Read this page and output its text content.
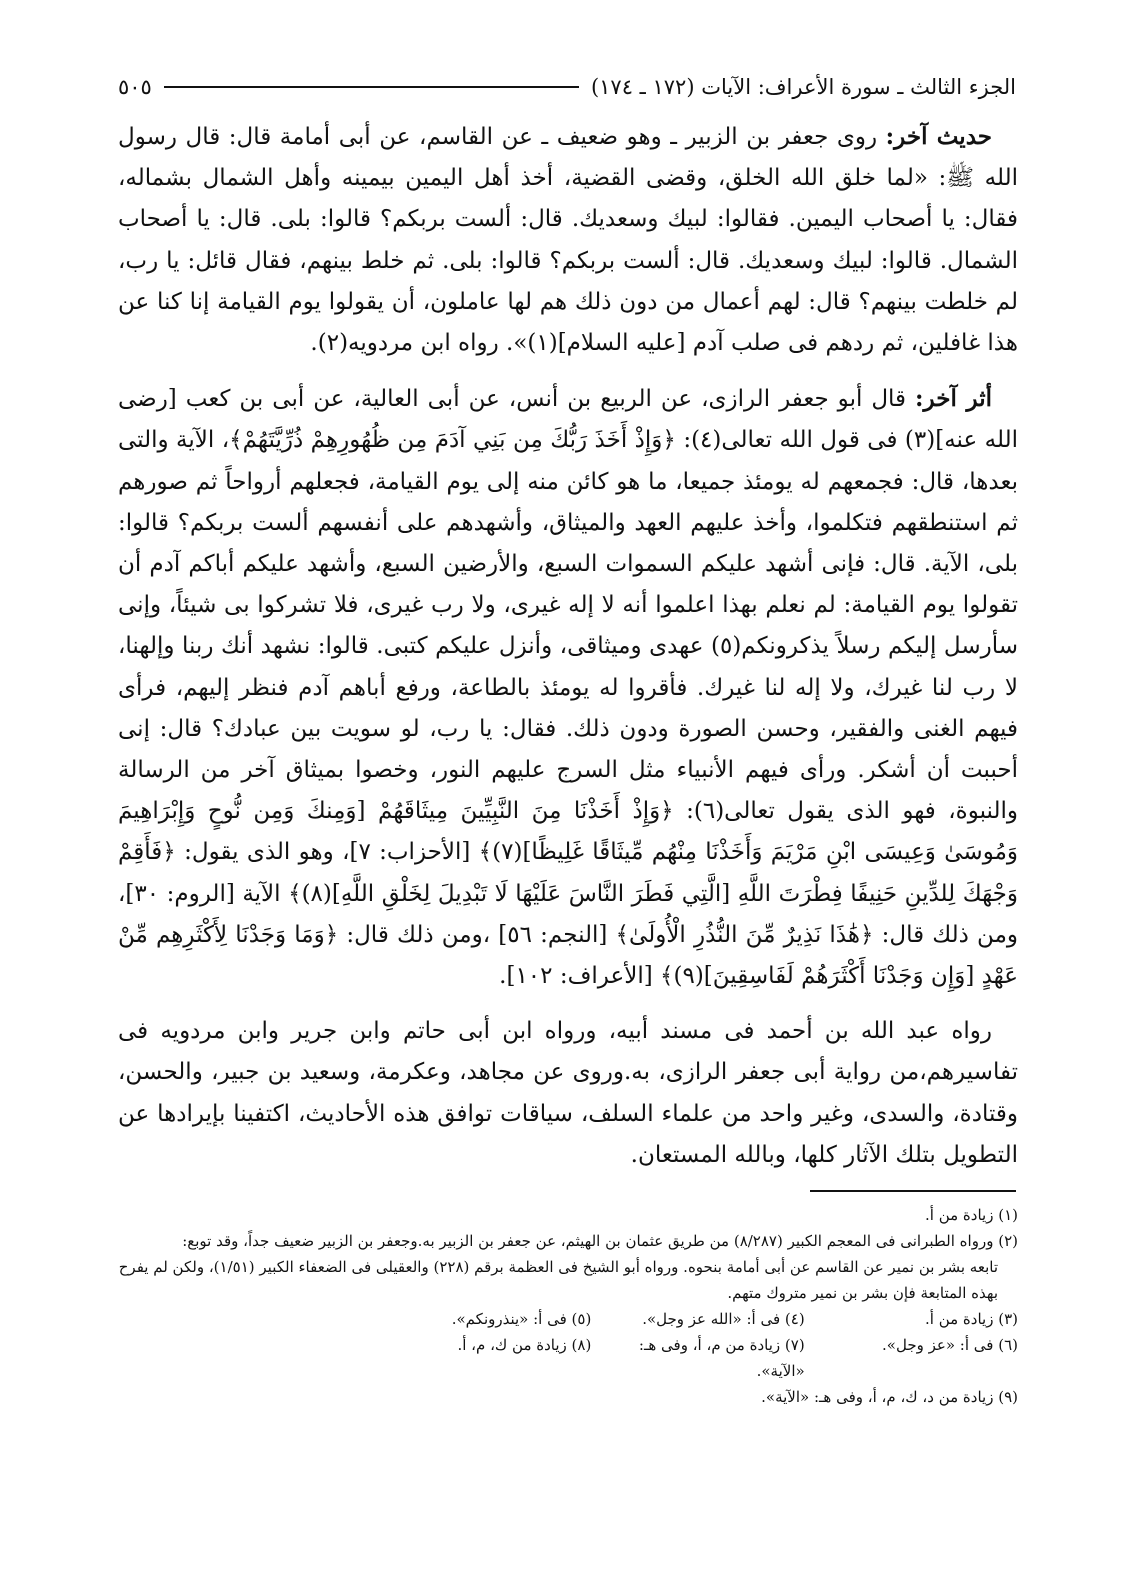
الجزء الثالث ـ سورة الأعراف: الآيات (١٧٢ ـ ١٧٤)
٥٠٥

حديث آخر: روى جعفر بن الزبير ـ وهو ضعيف ـ عن القاسم، عن أبى أمامة قال: قال رسول الله ﷺ: «لما خلق الله الخلق، وقضى القضية، أخذ أهل اليمين بيمينه وأهل الشمال بشماله، فقال: يا أصحاب اليمين. فقالوا: لبيك وسعديك. قال: ألست بربكم؟ قالوا: بلى. قال: يا أصحاب الشمال. قالوا: لبيك وسعديك. قال: ألست بربكم؟ قالوا: بلى. ثم خلط بينهم، فقال قائل: يا رب، لم خلطت بينهم؟ قال: لهم أعمال من دون ذلك هم لها عاملون، أن يقولوا يوم القيامة إنا كنا عن هذا غافلين، ثم ردهم فى صلب آدم [عليه السلام](١)». رواه ابن مردويه(٢).

أثر آخر: قال أبو جعفر الرازى، عن الربيع بن أنس، عن أبى العالية، عن أبى بن كعب [رضى الله عنه](٣) فى قول الله تعالى(٤): ﴿وَإِذْ أَخَذَ رَبُّكَ مِن بَنِي آدَمَ مِن ظُهُورِهِمْ ذُرِّيَّتَهُمْ﴾، الآية والتى بعدها، قال: فجمعهم له يومئذ جميعا، ما هو كائن منه إلى يوم القيامة، فجعلهم أرواحاً ثم صورهم ثم استنطقهم فتكلموا، وأخذ عليهم العهد والميثاق، وأشهدهم على أنفسهم ألست بربكم؟ قالوا: بلى، الآية. قال: فإنى أشهد عليكم السموات السبع، والأرضين السبع، وأشهد عليكم أباكم آدم أن تقولوا يوم القيامة: لم نعلم بهذا اعلموا أنه لا إله غيرى، ولا رب غيرى، فلا تشركوا بى شيئاً، وإنى سأرسل إليكم رسلاً يذكرونكم(٥) عهدى وميثاقى، وأنزل عليكم كتبى. قالوا: نشهد أنك ربنا وإلهنا، لا رب لنا غيرك، ولا إله لنا غيرك. فأقروا له يومئذ بالطاعة، ورفع أباهم آدم فنظر إليهم، فرأى فيهم الغنى والفقير، وحسن الصورة ودون ذلك. فقال: يا رب، لو سويت بين عبادك؟ قال: إنى أحببت أن أشكر. ورأى فيهم الأنبياء مثل السرج عليهم النور، وخصوا بميثاق آخر من الرسالة والنبوة، فهو الذى يقول تعالى(٦): ﴿وَإِذْ أَخَذْنَا مِنَ النَّبِيِّينَ مِيثَاقَهُمْ [وَمِنكَ وَمِن نُّوحٍ وَإِبْرَاهِيمَ وَمُوسَىٰ وَعِيسَى ابْنِ مَرْيَمَ وَأَخَذْنَا مِنْهُم مِّيثَاقًا غَلِيظًا](٧)﴾ [الأحزاب: ٧]، وهو الذى يقول: ﴿فَأَقِمْ وَجْهَكَ لِلدِّينِ حَنِيفًا فِطْرَتَ اللَّهِ [الَّتِي فَطَرَ النَّاسَ عَلَيْهَا لَا تَبْدِيلَ لِخَلْقِ اللَّهِ](٨)﴾ الآية [الروم: ٣٠]، ومن ذلك قال: ﴿هَٰذَا نَذِيرٌ مِّنَ النُّذُرِ الْأُولَىٰ﴾ [النجم: ٥٦] ،ومن ذلك قال: ﴿وَمَا وَجَدْنَا لِأَكْثَرِهِم مِّنْ عَهْدٍ [وَإِن وَجَدْنَا أَكْثَرَهُمْ لَفَاسِقِينَ](٩)﴾ [الأعراف: ١٠٢].

رواه عبد الله بن أحمد فى مسند أبيه، ورواه ابن أبى حاتم وابن جرير وابن مردويه فى تفاسيرهم،من رواية أبى جعفر الرازى، به.وروى عن مجاهد، وعكرمة، وسعيد بن جبير، والحسن، وقتادة، والسدى، وغير واحد من علماء السلف، سياقات توافق هذه الأحاديث، اكتفينا بإيرادها عن التطويل بتلك الآثار كلها، وبالله المستعان.

(١) زيادة من أ.

(٢) ورواه الطبرانى فى المعجم الكبير (٨/٢٨٧) من طريق عثمان بن الهيثم، عن جعفر بن الزبير به.وجعفر بن الزبير ضعيف جداً، وقد توبع:

تابعه بشر بن نمير عن القاسم عن أبى أمامة بنحوه. ورواه أبو الشيخ فى العظمة برقم (٢٢٨) والعقيلى فى الضعفاء الكبير (١/٥١)، ولكن لم يفرح بهذه المتابعة فإن بشر بن نمير متروك متهم.

(٣) زيادة من أ.
(٤) فى أ: «الله عز وجل».
(٥) فى أ: «ينذرونكم».
(٦) فى أ: «عز وجل».
(٧) زيادة من م، أ، وفى هـ: «الآية».
(٨) زيادة من ك، م، أ.

(٩) زيادة من د، ك، م، أ، وفى هـ: «الآية».
